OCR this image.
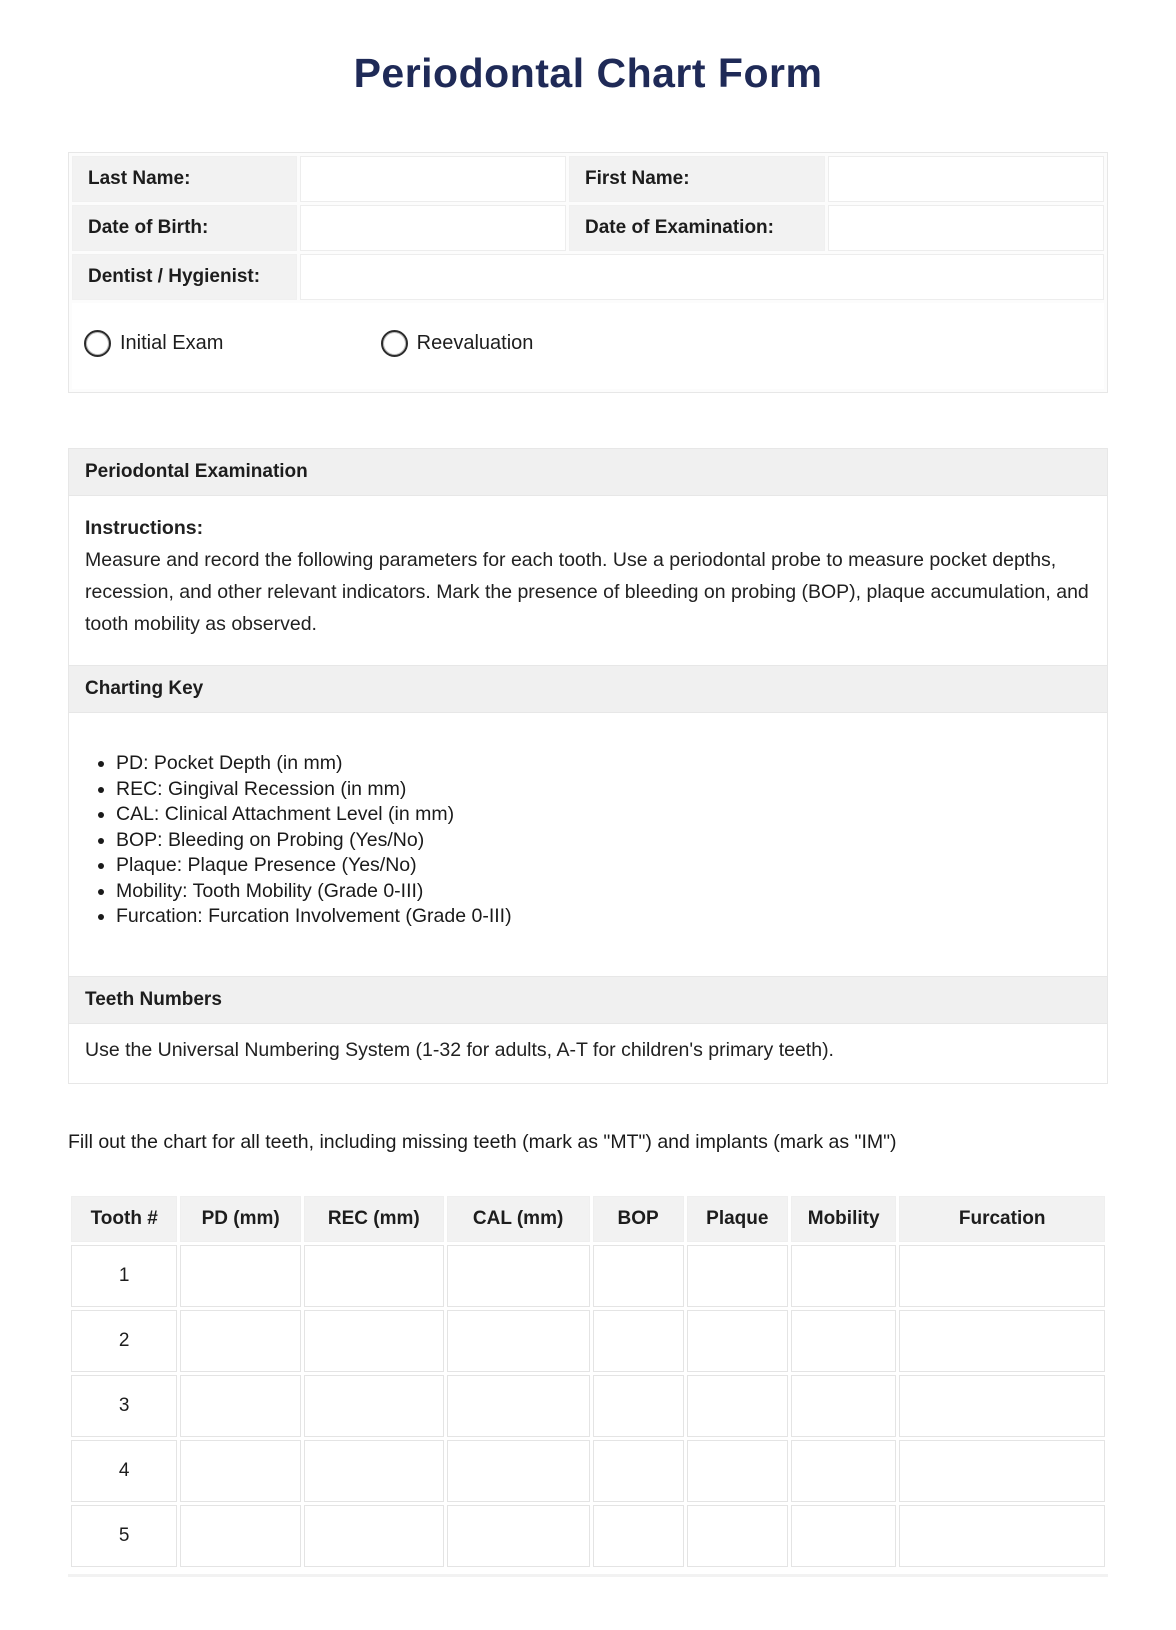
Periodontal Chart Form
Last Name:		First Name:	
Date of Birth:		Date of Examination:	
Dentist / Hygienist:			

Initial Exam
Reevaluation			
Periodontal Examination
Instructions:
Measure and record the following parameters for each tooth. Use a periodontal probe to measure pocket depths, recession, and other relevant indicators. Mark the presence of bleeding on probing (BOP), plaque accumulation, and tooth mobility as observed.
Charting Key
• PD: Pocket Depth (in mm)
• REC: Gingival Recession (in mm)
• CAL: Clinical Attachment Level (in mm)
• BOP: Bleeding on Probing (Yes/No)
• Plaque: Plaque Presence (Yes/No)
• Mobility: Tooth Mobility (Grade 0-III)
• Furcation: Furcation Involvement (Grade 0-III)
Teeth Numbers
Use the Universal Numbering System (1-32 for adults, A-T for children's primary teeth).

Fill out the chart for all teeth, including missing teeth (mark as "MT") and implants (mark as "IM")

Tooth #	PD (mm)	REC (mm)	CAL (mm)	BOP	Plaque	Mobility	Furcation
1							
2							
3							
4							
5							
